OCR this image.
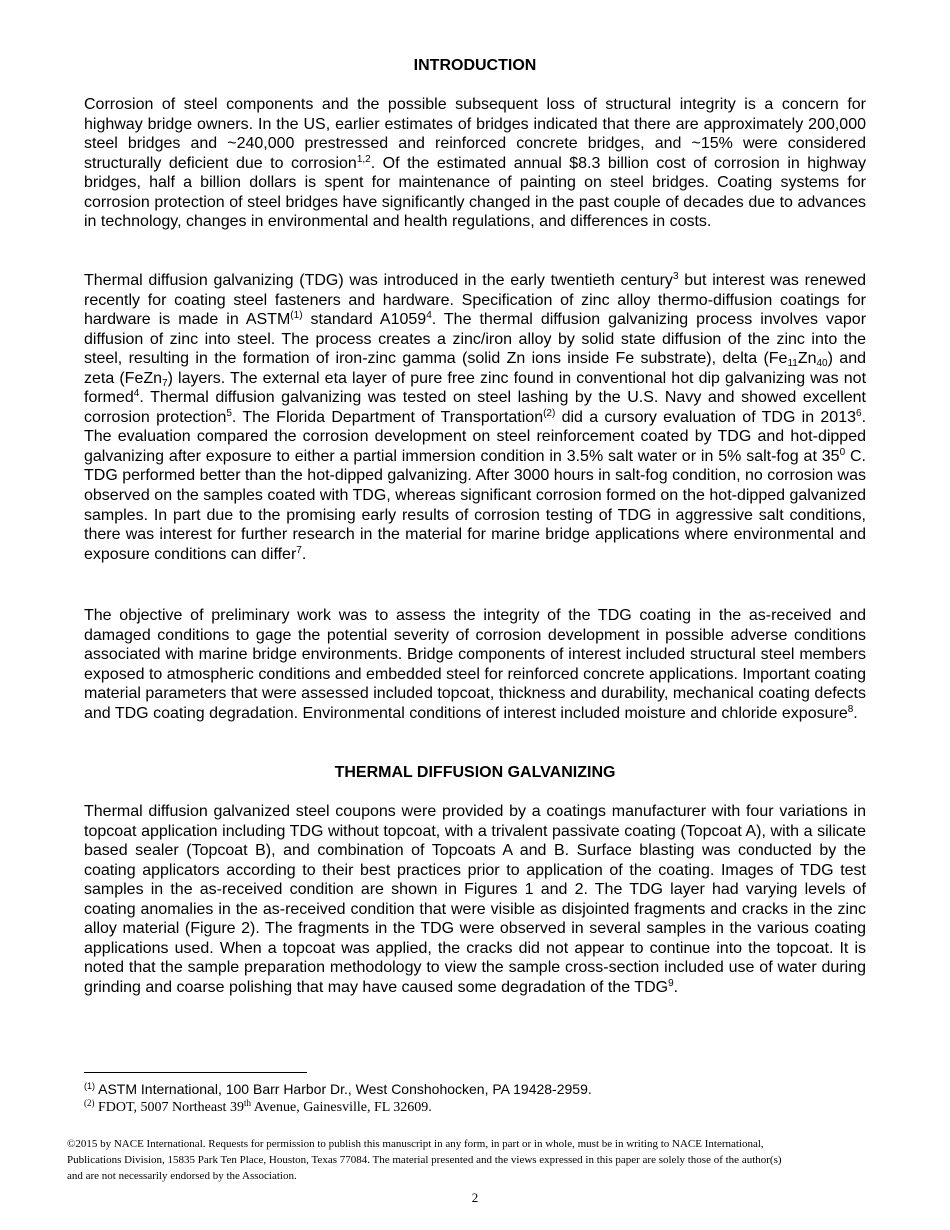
INTRODUCTION
Corrosion of steel components and the possible subsequent loss of structural integrity is a concern for highway bridge owners. In the US, earlier estimates of bridges indicated that there are approximately 200,000 steel bridges and ~240,000 prestressed and reinforced concrete bridges, and ~15% were considered structurally deficient due to corrosion$^{1,2}$. Of the estimated annual $8.3 billion cost of corrosion in highway bridges, half a billion dollars is spent for maintenance of painting on steel bridges. Coating systems for corrosion protection of steel bridges have significantly changed in the past couple of decades due to advances in technology, changes in environmental and health regulations, and differences in costs.
Thermal diffusion galvanizing (TDG) was introduced in the early twentieth century$^3$ but interest was renewed recently for coating steel fasteners and hardware. Specification of zinc alloy thermo-diffusion coatings for hardware is made in ASTM$^{(1)}$ standard A1059$^4$. The thermal diffusion galvanizing process involves vapor diffusion of zinc into steel. The process creates a zinc/iron alloy by solid state diffusion of the zinc into the steel, resulting in the formation of iron-zinc gamma (solid Zn ions inside Fe substrate), delta $(Fe_{11}Zn_{40})$ and zeta (FeZn$_7$) layers. The external eta layer of pure free zinc found in conventional hot dip galvanizing was not formed$^4$. Thermal diffusion galvanizing was tested on steel lashing by the U.S. Navy and showed excellent corrosion protection$^5$. The Florida Department of Transportation$^{(2)}$ did a cursory evaluation of TDG in 2013$^6$. The evaluation compared the corrosion development on steel reinforcement coated by TDG and hot-dipped galvanizing after exposure to either a partial immersion condition in 3.5% salt water or in 5% salt-fog at $35^0$ C. TDG performed better than the hot-dipped galvanizing. After 3000 hours in salt-fog condition, no corrosion was observed on the samples coated with TDG, whereas significant corrosion formed on the hot-dipped galvanized samples. In part due to the promising early results of corrosion testing of TDG in aggressive salt conditions, there was interest for further research in the material for marine bridge applications where environmental and exposure conditions can differ$^7$.
The objective of preliminary work was to assess the integrity of the TDG coating in the as-received and damaged conditions to gage the potential severity of corrosion development in possible adverse conditions associated with marine bridge environments. Bridge components of interest included structural steel members exposed to atmospheric conditions and embedded steel for reinforced concrete applications. Important coating material parameters that were assessed included topcoat, thickness and durability, mechanical coating defects and TDG coating degradation. Environmental conditions of interest included moisture and chloride exposure$^8$.
THERMAL DIFFUSION GALVANIZING
Thermal diffusion galvanized steel coupons were provided by a coatings manufacturer with four variations in topcoat application including TDG without topcoat, with a trivalent passivate coating (Topcoat A), with a silicate based sealer (Topcoat B), and combination of Topcoats A and B. Surface blasting was conducted by the coating applicators according to their best practices prior to application of the coating. Images of TDG test samples in the as-received condition are shown in Figures 1 and 2. The TDG layer had varying levels of coating anomalies in the as-received condition that were visible as disjointed fragments and cracks in the zinc alloy material (Figure 2). The fragments in the TDG were observed in several samples in the various coating applications used. When a topcoat was applied, the cracks did not appear to continue into the topcoat. It is noted that the sample preparation methodology to view the sample cross-section included use of water during grinding and coarse polishing that may have caused some degradation of the TDG$^9$.
$^{(1)}$ ASTM International, 100 Barr Harbor Dr., West Conshohocken, PA 19428-2959.
$^{(2)}$ FDOT, 5007 Northeast 39th Avenue, Gainesville, FL 32609.
©2015 by NACE International. Requests for permission to publish this manuscript in any form, in part or in whole, must be in writing to NACE International, Publications Division, 15835 Park Ten Place, Houston, Texas 77084. The material presented and the views expressed in this paper are solely those of the author(s) and are not necessarily endorsed by the Association.
2
